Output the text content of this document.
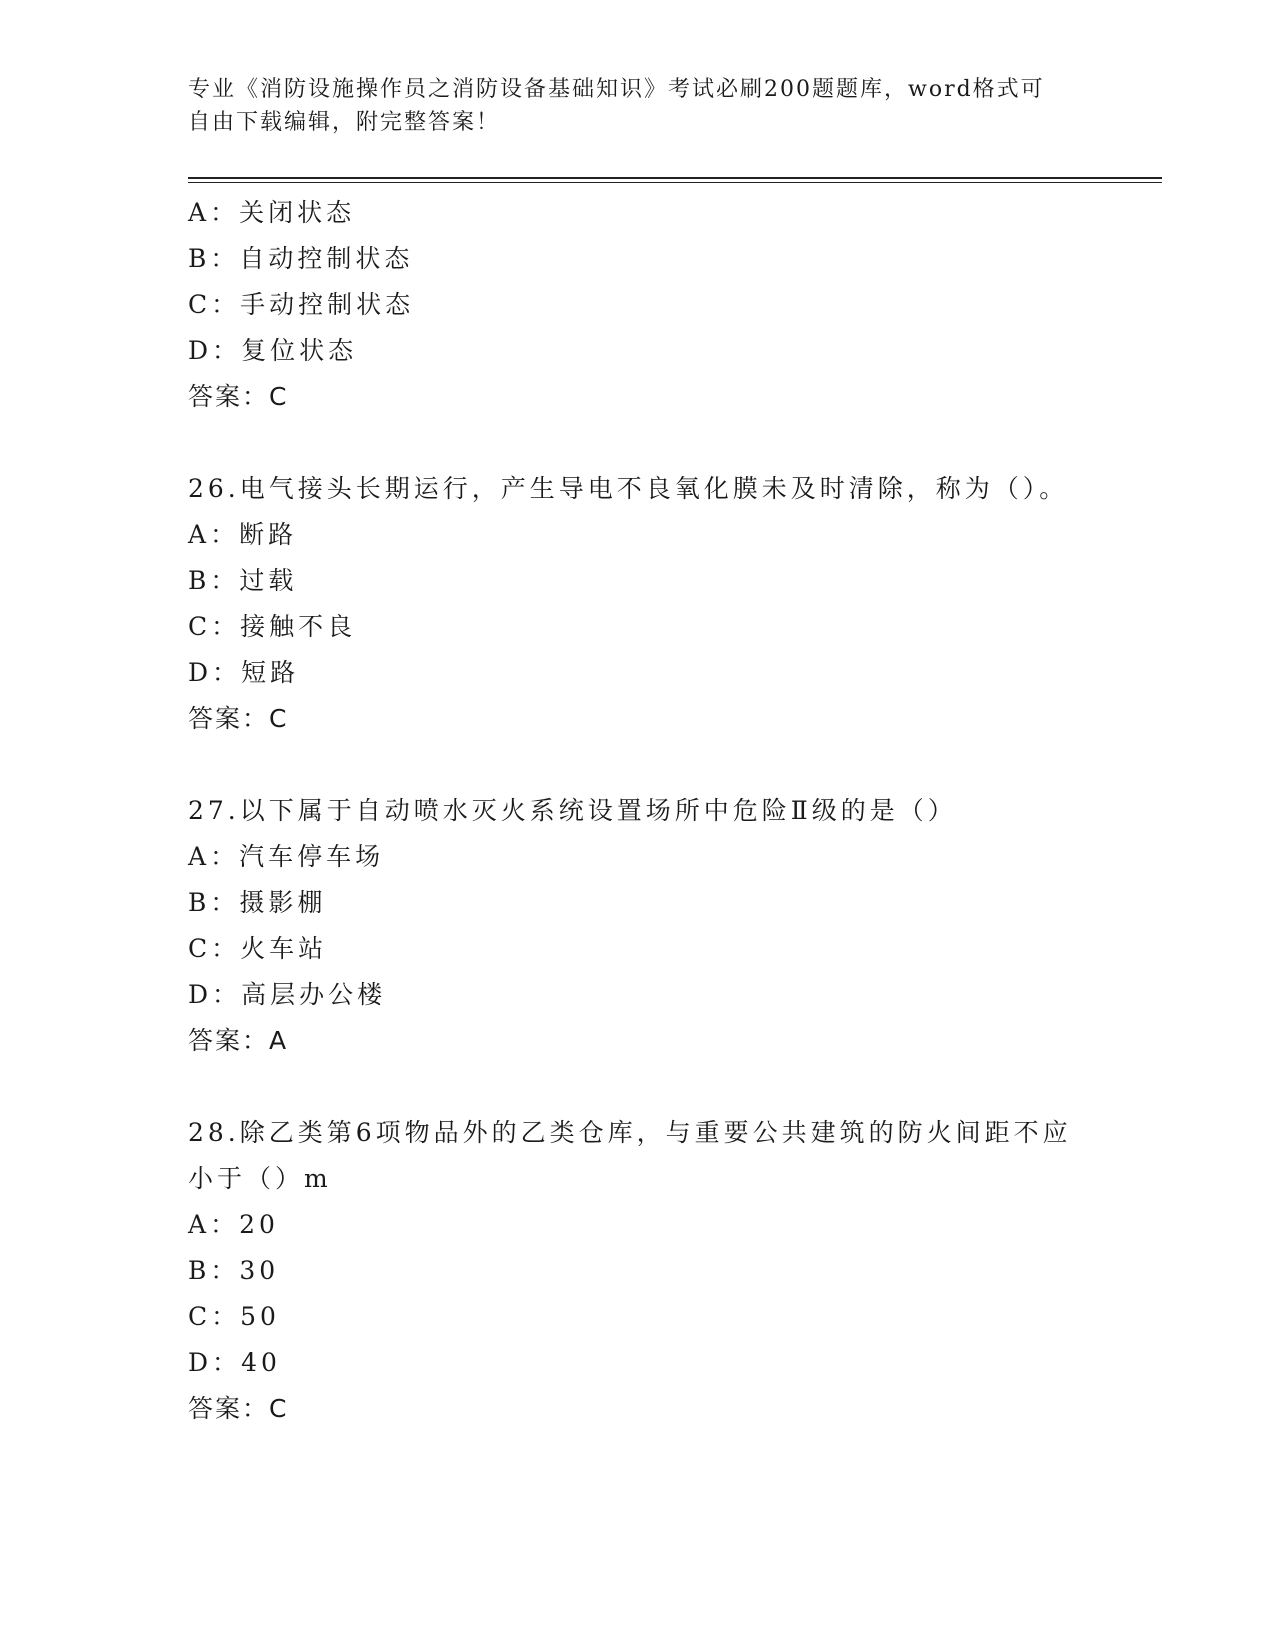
专业《消防设施操作员之消防设备基础知识》考试必刷200题题库，word格式可
自由下载编辑，附完整答案！
A：关闭状态
B：自动控制状态
C：手动控制状态
D：复位状态
答案：C
26.电气接头长期运行，产生导电不良氧化膜未及时清除，称为（）。
A：断路
B：过载
C：接触不良
D：短路
答案：C
27.以下属于自动喷水灭火系统设置场所中危险Ⅱ级的是（）
A：汽车停车场
B：摄影棚
C：火车站
D：高层办公楼
答案：A
28.除乙类第6项物品外的乙类仓库，与重要公共建筑的防火间距不应
小于（）m
A：20
B：30
C：50
D：40
答案：C
